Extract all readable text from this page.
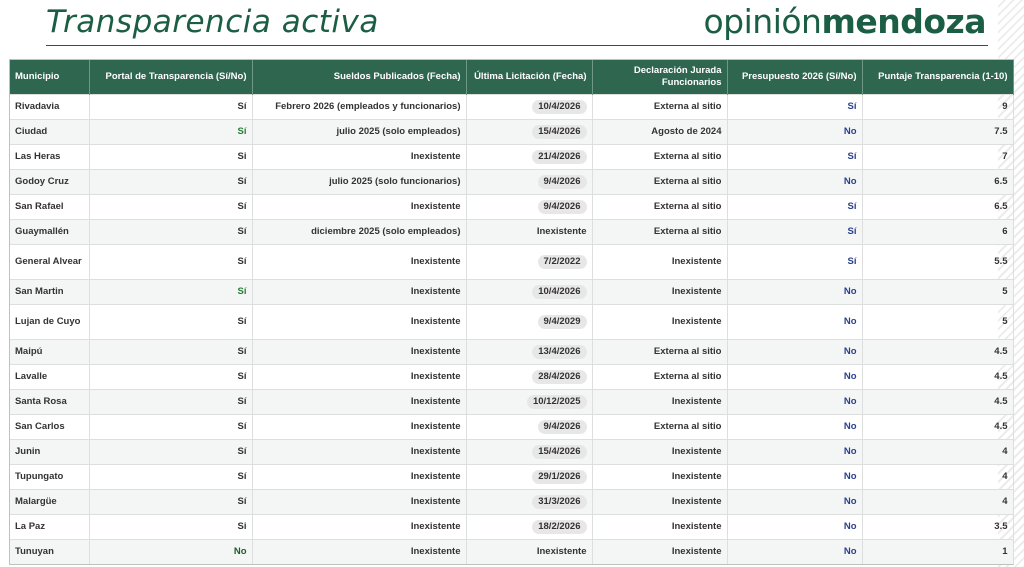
Transparencia activa	opiniónmendoza
Municipio	Portal de Transparencia (Sí/No)	Sueldos Publicados (Fecha)	Última Licitación (Fecha)	Declaración Jurada Funcionarios	Presupuesto 2026 (Sí/No)	Puntaje Transparencia (1-10)
Rivadavia	Sí	Febrero 2026 (empleados y funcionarios)	10/4/2026	Externa al sitio	Sí	9
Ciudad	Sí	julio 2025 (solo empleados)	15/4/2026	Agosto de 2024	No	7.5
Las Heras	Si	Inexistente	21/4/2026	Externa al sitio	Sí	7
Godoy Cruz	Sí	julio 2025 (solo funcionarios)	9/4/2026	Externa al sitio	No	6.5
San Rafael	Sí	Inexistente	9/4/2026	Externa al sitio	Sí	6.5
Guaymallén	Sí	diciembre 2025 (solo empleados)	Inexistente	Externa al sitio	Sí	6
General Alvear	Sí	Inexistente	7/2/2022	Inexistente	Sí	5.5
San Martin	Sí	Inexistente	10/4/2026	Inexistente	No	5
Lujan de Cuyo	Sí	Inexistente	9/4/2029	Inexistente	No	5
Maipú	Sí	Inexistente	13/4/2026	Externa al sitio	No	4.5
Lavalle	Sí	Inexistente	28/4/2026	Externa al sitio	No	4.5
Santa Rosa	Sí	Inexistente	10/12/2025	Inexistente	No	4.5
San Carlos	Sí	Inexistente	9/4/2026	Externa al sitio	No	4.5
Junin	Sí	Inexistente	15/4/2026	Inexistente	No	4
Tupungato	Sí	Inexistente	29/1/2026	Inexistente	No	4
Malargüe	Sí	Inexistente	31/3/2026	Inexistente	No	4
La Paz	Si	Inexistente	18/2/2026	Inexistente	No	3.5
Tunuyan	No	Inexistente	Inexistente	Inexistente	No	1
